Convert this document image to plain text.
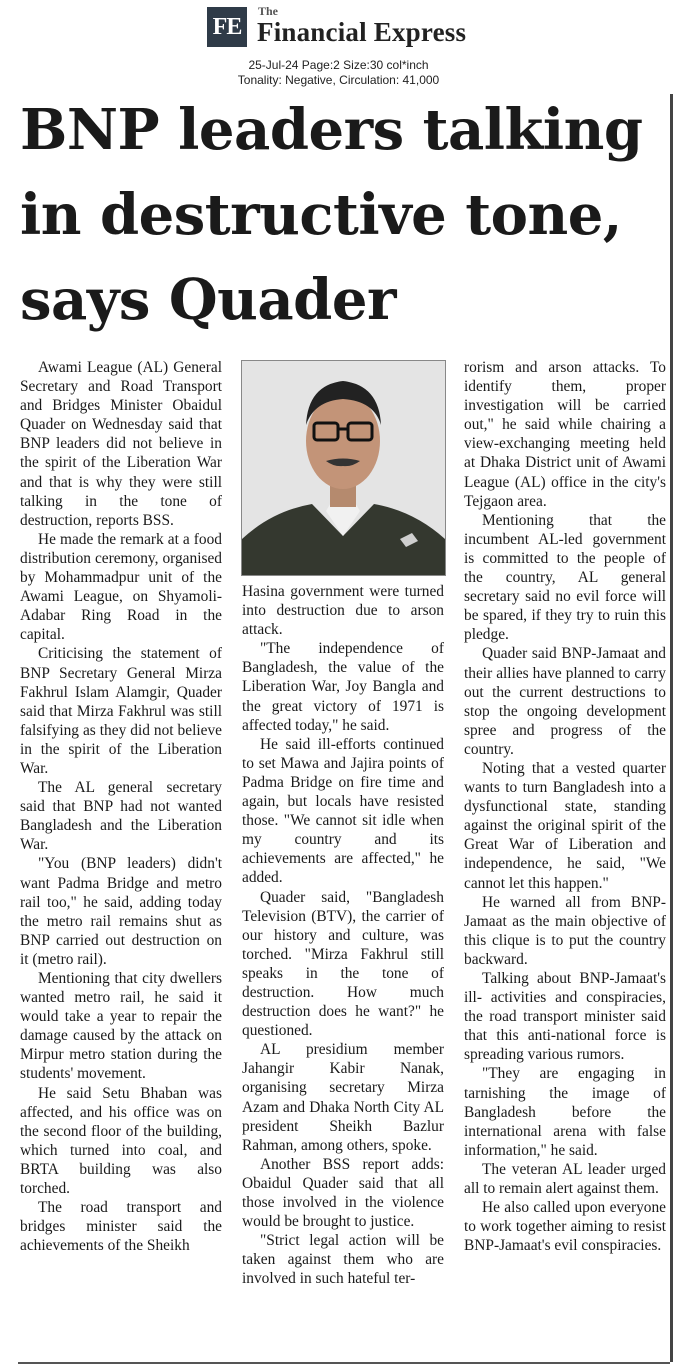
FE
The
Financial Express
25-Jul-24 Page:2 Size:30 col*inch
Tonality: Negative, Circulation: 41,000
BNP leaders talking
in destructive tone,
says Quader

Awami League (AL) General Secretary and Road Transport and Bridges Minister Obaidul Quader on Wednesday said that BNP leaders did not believe in the spirit of the Liberation War and that is why they were still talking in the tone of destruction, reports BSS.

He made the remark at a food distribution ceremony, organised by Mohammadpur unit of the Awami League, on Shyamoli-Adabar Ring Road in the capital.

Criticising the statement of BNP Secretary General Mirza Fakhrul Islam Alamgir, Quader said that Mirza Fakhrul was still falsifying as they did not believe in the spirit of the Liberation War.

The AL general secretary said that BNP had not wanted Bangladesh and the Liberation War.

"You (BNP leaders) didn't want Padma Bridge and metro rail too," he said, adding today the metro rail remains shut as BNP carried out destruction on it (metro rail).

Mentioning that city dwellers wanted metro rail, he said it would take a year to repair the damage caused by the attack on Mirpur metro station during the students' movement.

He said Setu Bhaban was affected, and his office was on the second floor of the building, which turned into coal, and BRTA building was also torched.

The road transport and bridges minister said the achievements of the Sheikh

Hasina government were turned into destruction due to arson attack.

"The independence of Bangladesh, the value of the Liberation War, Joy Bangla and the great victory of 1971 is affected today," he said.

He said ill-efforts continued to set Mawa and Jajira points of Padma Bridge on fire time and again, but locals have resisted those. "We cannot sit idle when my country and its achievements are affected," he added.

Quader said, "Bangladesh Television (BTV), the carrier of our history and culture, was torched. "Mirza Fakhrul still speaks in the tone of destruction. How much destruction does he want?" he questioned.

AL presidium member Jahangir Kabir Nanak, organising secretary Mirza Azam and Dhaka North City AL president Sheikh Bazlur Rahman, among others, spoke.

Another BSS report adds: Obaidul Quader said that all those involved in the violence would be brought to justice.

"Strict legal action will be taken against them who are involved in such hateful ter-

rorism and arson attacks. To identify them, proper investigation will be carried out," he said while chairing a view-exchanging meeting held at Dhaka District unit of Awami League (AL) office in the city's Tejgaon area.

Mentioning that the incumbent AL-led government is committed to the people of the country, AL general secretary said no evil force will be spared, if they try to ruin this pledge.

Quader said BNP-Jamaat and their allies have planned to carry out the current destructions to stop the ongoing development spree and progress of the country.

Noting that a vested quarter wants to turn Bangladesh into a dysfunctional state, standing against the original spirit of the Great War of Liberation and independence, he said, "We cannot let this happen."

He warned all from BNP-Jamaat as the main objective of this clique is to put the country backward.

Talking about BNP-Jamaat's ill- activities and conspiracies, the road transport minister said that this anti-national force is spreading various rumors.

"They are engaging in tarnishing the image of Bangladesh before the international arena with false information," he said.

The veteran AL leader urged all to remain alert against them.

He also called upon everyone to work together aiming to resist BNP-Jamaat's evil conspiracies.
